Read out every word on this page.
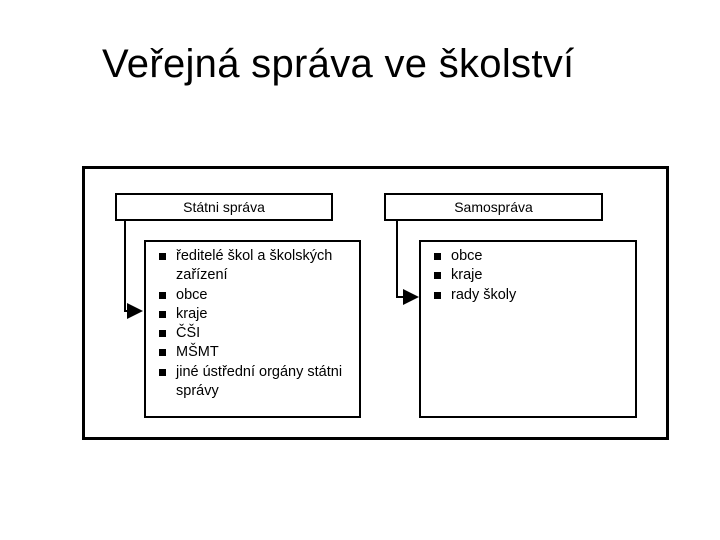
Veřejná správa ve školství
Státni správa	Samospráva
ředitelé škol a školských zařízení
obce
kraje
ČŠI
MŠMT
jiné ústřední orgány státni správy
obce
kraje
rady školy
